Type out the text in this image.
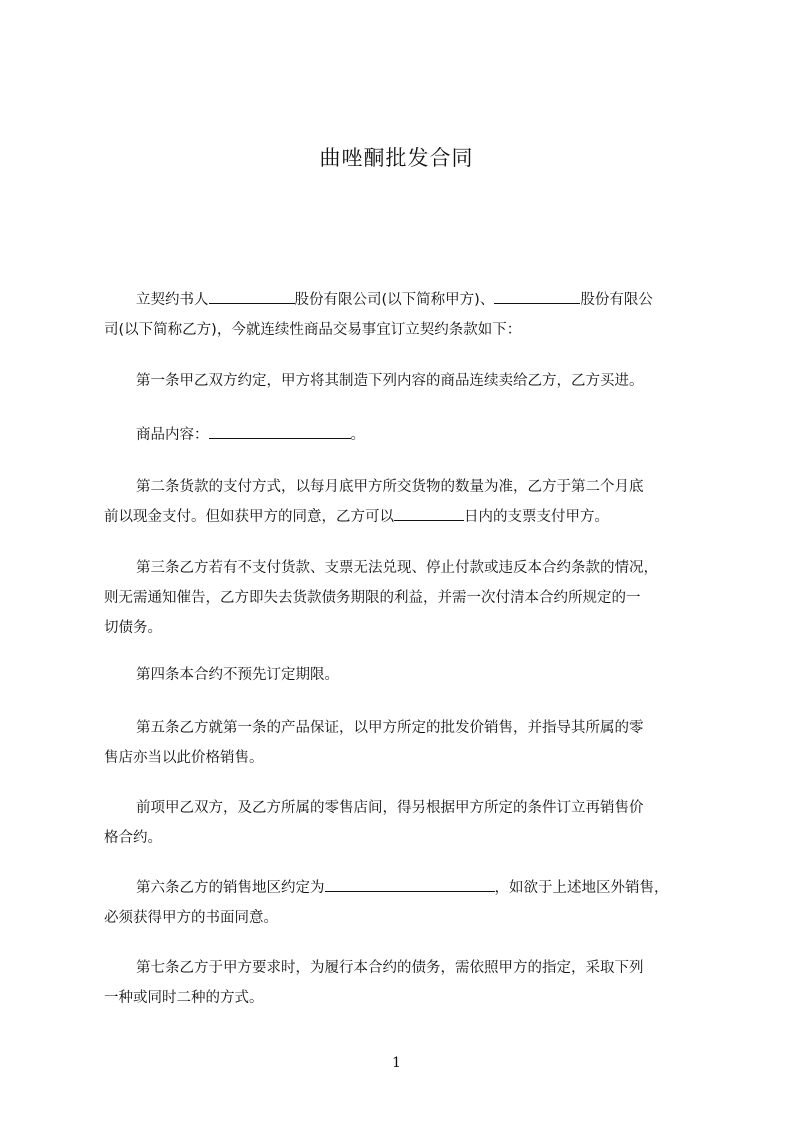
曲唑酮批发合同
立契约书人	股份有限公司(以下简称甲方)、	股份有限公
司(以下简称乙方)，今就连续性商品交易事宜订立契约条款如下：
第一条甲乙双方约定，甲方将其制造下列内容的商品连续卖给乙方，乙方买进。
商品内容：	。
第二条货款的支付方式，以每月底甲方所交货物的数量为准，乙方于第二个月底
前以现金支付。但如获甲方的同意，乙方可以	日内的支票支付甲方。
第三条乙方若有不支付货款、支票无法兑现、停止付款或违反本合约条款的情况，
则无需通知催告，乙方即失去货款债务期限的利益，并需一次付清本合约所规定的一
切债务。
第四条本合约不预先订定期限。
第五条乙方就第一条的产品保证，以甲方所定的批发价销售，并指导其所属的零
售店亦当以此价格销售。
前项甲乙双方，及乙方所属的零售店间，得另根据甲方所定的条件订立再销售价
格合约。
第六条乙方的销售地区约定为	，如欲于上述地区外销售，
必须获得甲方的书面同意。
第七条乙方于甲方要求时，为履行本合约的债务，需依照甲方的指定，采取下列
一种或同时二种的方式。
1
